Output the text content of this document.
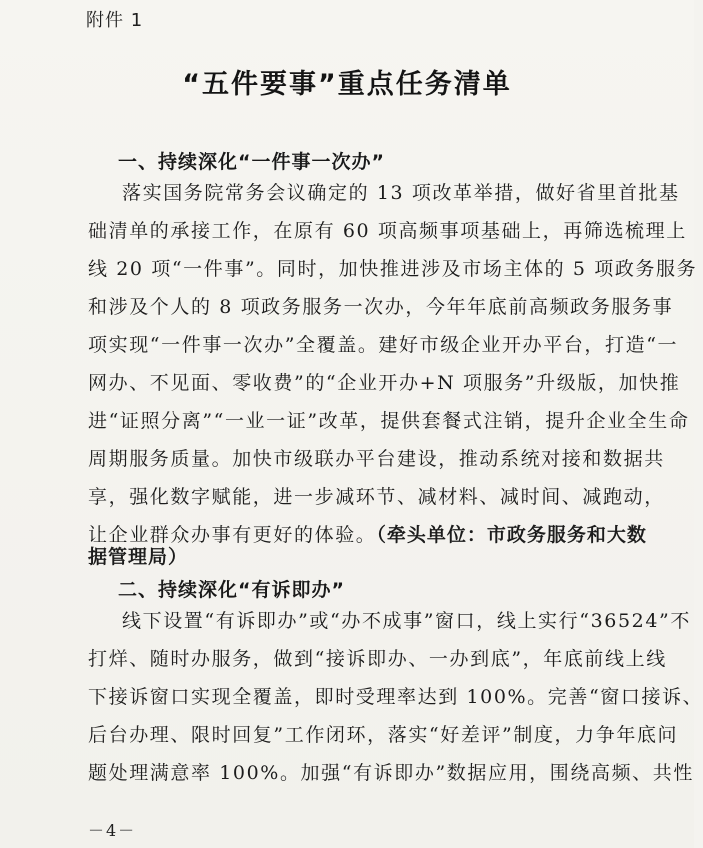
附件 1
“五件要事”重点任务清单
一、持续深化“一件事一次办”
落实国务院常务会议确定的 13 项改革举措，做好省里首批基
础清单的承接工作，在原有 60 项高频事项基础上，再筛选梳理上
线 20 项“一件事”。同时，加快推进涉及市场主体的 5 项政务服务
和涉及个人的 8 项政务服务一次办，今年年底前高频政务服务事
项实现“一件事一次办”全覆盖。建好市级企业开办平台，打造“一
网办、不见面、零收费”的“企业开办+N 项服务”升级版，加快推
进“证照分离”“一业一证”改革，提供套餐式注销，提升企业全生命
周期服务质量。加快市级联办平台建设，推动系统对接和数据共
享，强化数字赋能，进一步减环节、减材料、减时间、减跑动，
让企业群众办事有更好的体验。（牵头单位：市政务服务和大数
据管理局）
二、持续深化“有诉即办”
线下设置“有诉即办”或“办不成事”窗口，线上实行“36524”不
打烊、随时办服务，做到“接诉即办、一办到底”，年底前线上线
下接诉窗口实现全覆盖，即时受理率达到 100%。完善“窗口接诉、
后台办理、限时回复”工作闭环，落实“好差评”制度，力争年底问
题处理满意率 100%。加强“有诉即办”数据应用，围绕高频、共性
－4－
